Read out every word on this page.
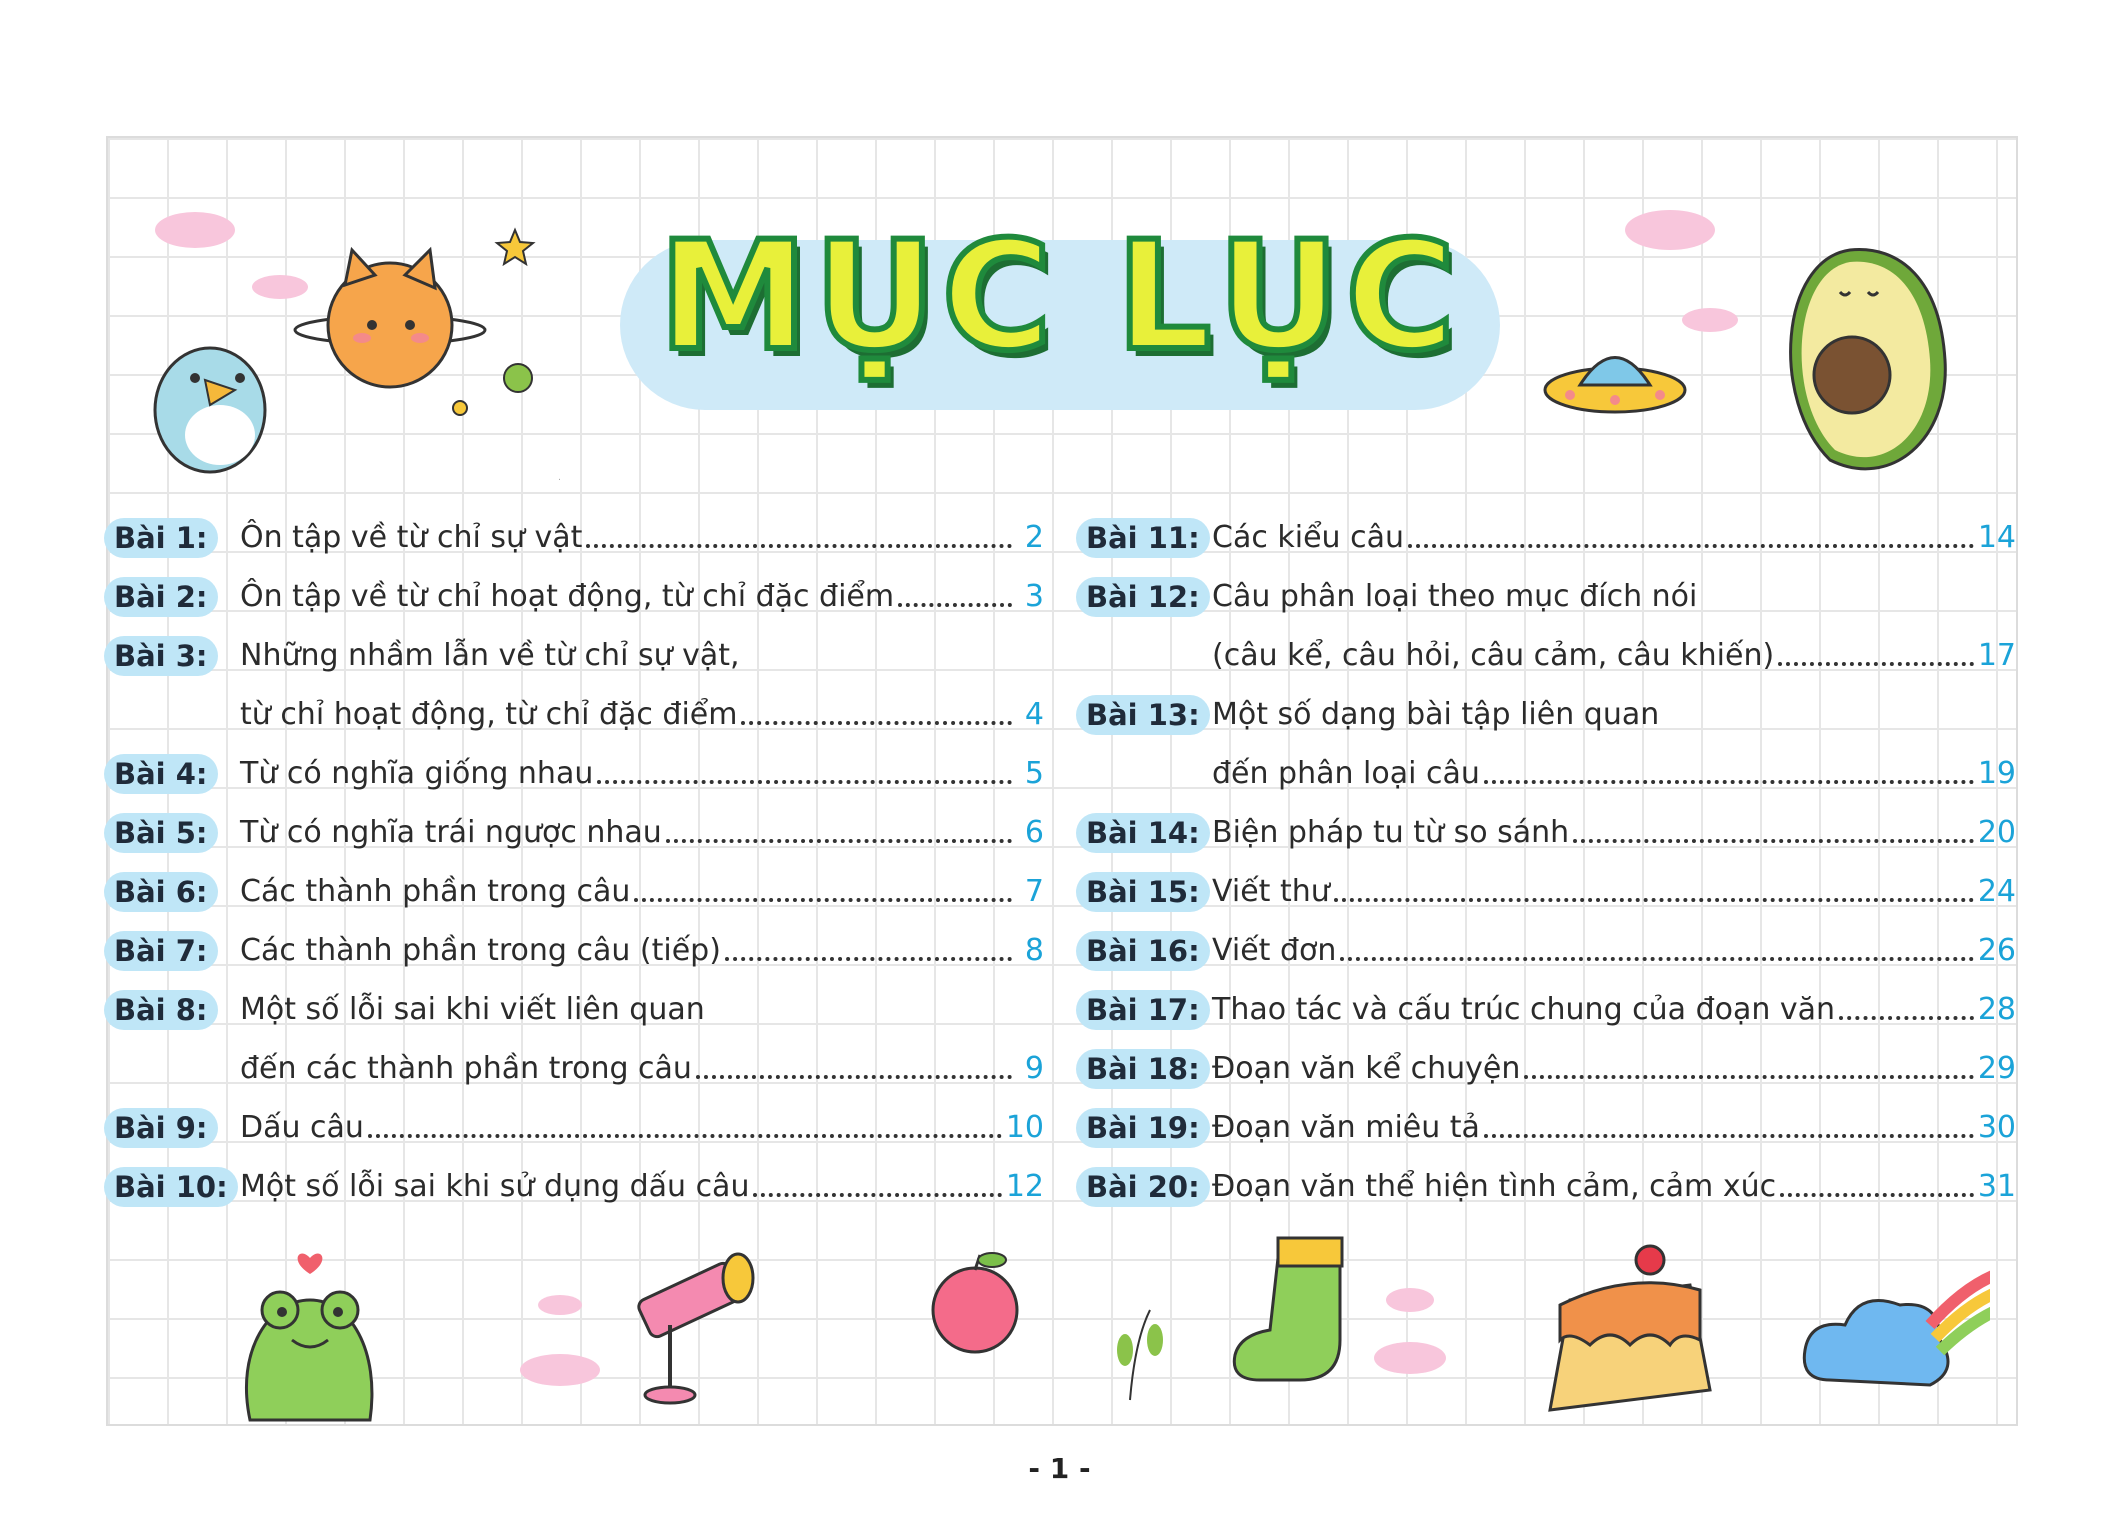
MỤC LỤC
Bài 1:	Ôn tập về từ chỉ sự vật	2
Bài 2:	Ôn tập về từ chỉ hoạt động, từ chỉ đặc điểm	3
Bài 3:	Những nhầm lẫn về từ chỉ sự vật,
từ chỉ hoạt động, từ chỉ đặc điểm	4
Bài 4:	Từ có nghĩa giống nhau	5
Bài 5:	Từ có nghĩa trái ngược nhau	6
Bài 6:	Các thành phần trong câu	7
Bài 7:	Các thành phần trong câu (tiếp)	8
Bài 8:	Một số lỗi sai khi viết liên quan
đến các thành phần trong câu	9
Bài 9:	Dấu câu	10
Bài 10: Một số lỗi sai khi sử dụng dấu câu	12
Bài 11: Các kiểu câu	14
Bài 12: Câu phân loại theo mục đích nói
(câu kể, câu hỏi, câu cảm, câu khiến)	17
Bài 13: Một số dạng bài tập liên quan
đến phân loại câu	19
Bài 14: Biện pháp tu từ so sánh	20
Bài 15: Viết thư	24
Bài 16: Viết đơn	26
Bài 17: Thao tác và cấu trúc chung của đoạn văn	28
Bài 18: Đoạn văn kể chuyện	29
Bài 19: Đoạn văn miêu tả	30
Bài 20: Đoạn văn thể hiện tình cảm, cảm xúc	31
- 1 -
